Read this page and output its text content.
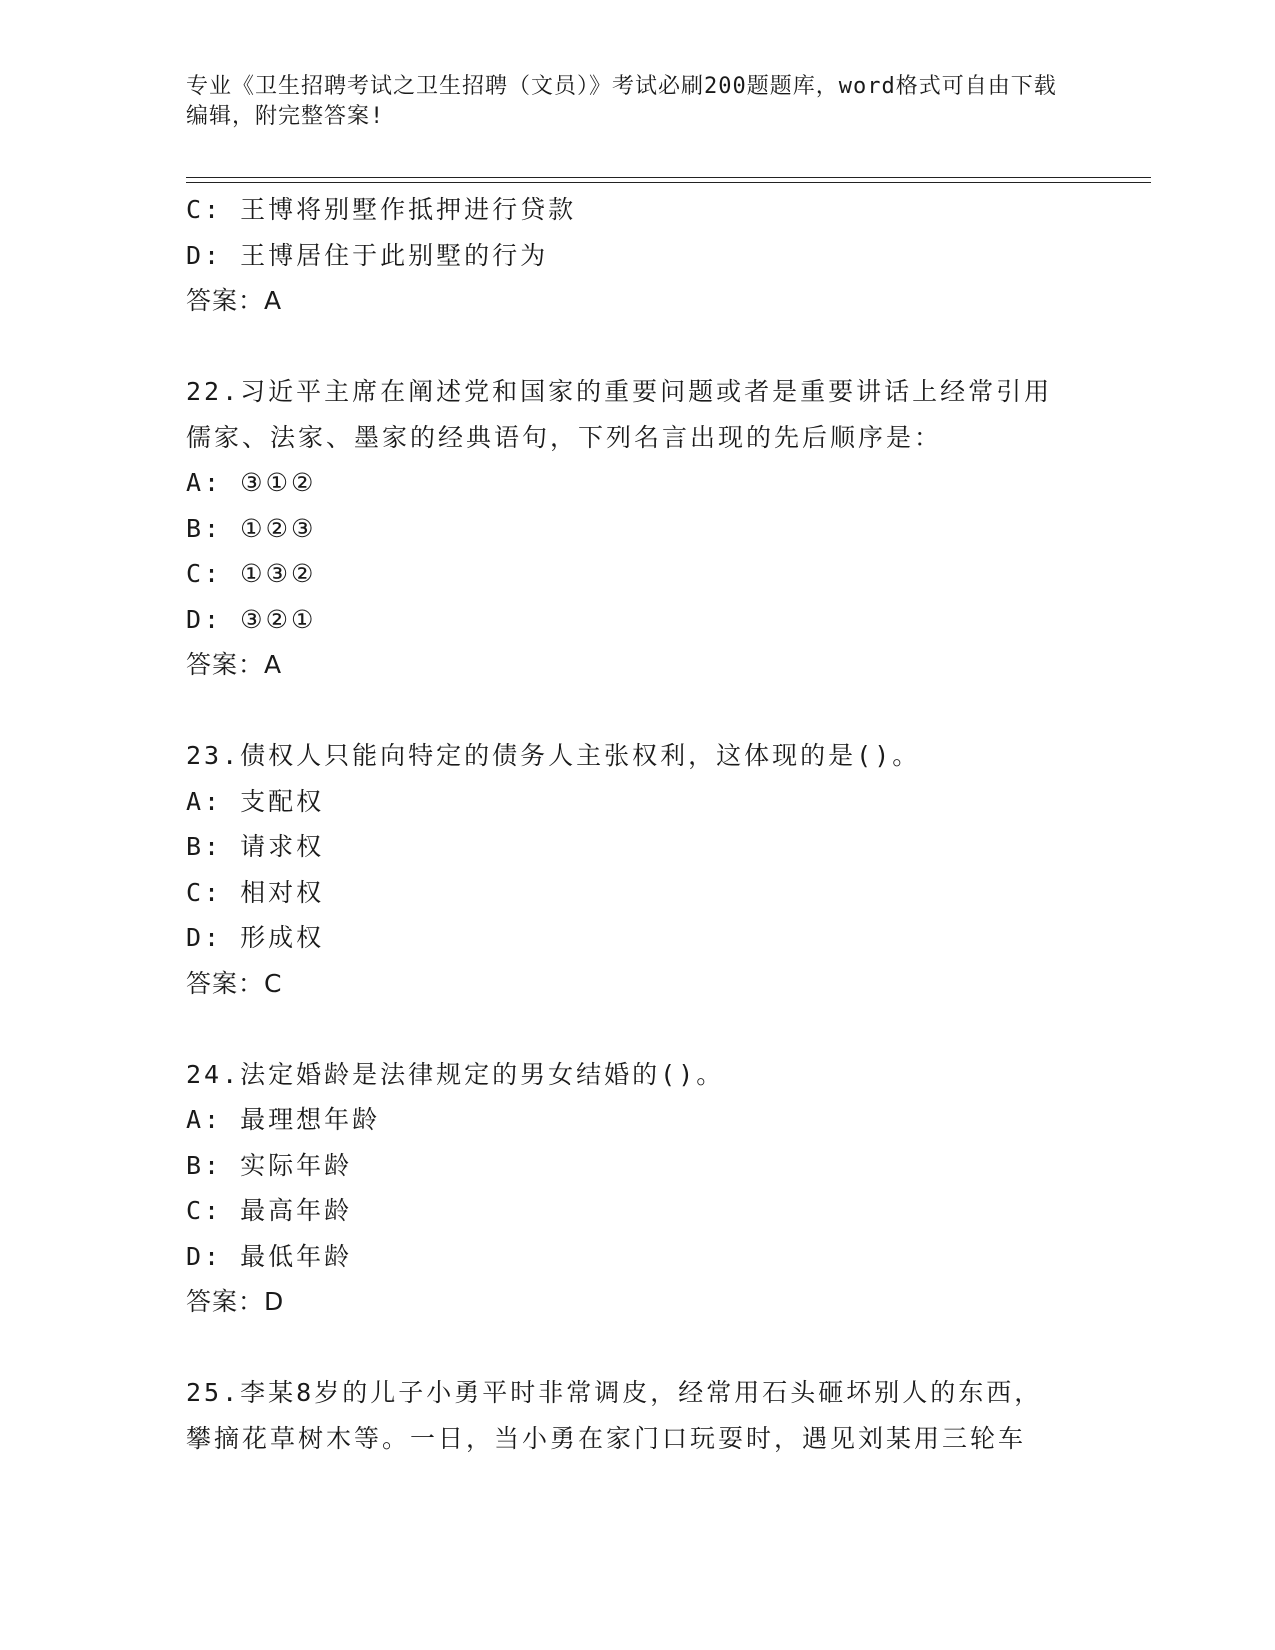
专业《卫生招聘考试之卫生招聘（文员）》考试必刷200题题库，word格式可自由下载编辑，附完整答案!
C: 王博将别墅作抵押进行贷款
D: 王博居住于此别墅的行为
答案：A
22.习近平主席在阐述党和国家的重要问题或者是重要讲话上经常引用
儒家、法家、墨家的经典语句，下列名言出现的先后顺序是：
A: ③①②
B: ①②③
C: ①③②
D: ③②①
答案：A
23.债权人只能向特定的债务人主张权利，这体现的是()。
A: 支配权
B: 请求权
C: 相对权
D: 形成权
答案：C
24.法定婚龄是法律规定的男女结婚的()。
A: 最理想年龄
B: 实际年龄
C: 最高年龄
D: 最低年龄
答案：D
25.李某8岁的儿子小勇平时非常调皮，经常用石头砸坏别人的东西，
攀摘花草树木等。一日，当小勇在家门口玩耍时，遇见刘某用三轮车
